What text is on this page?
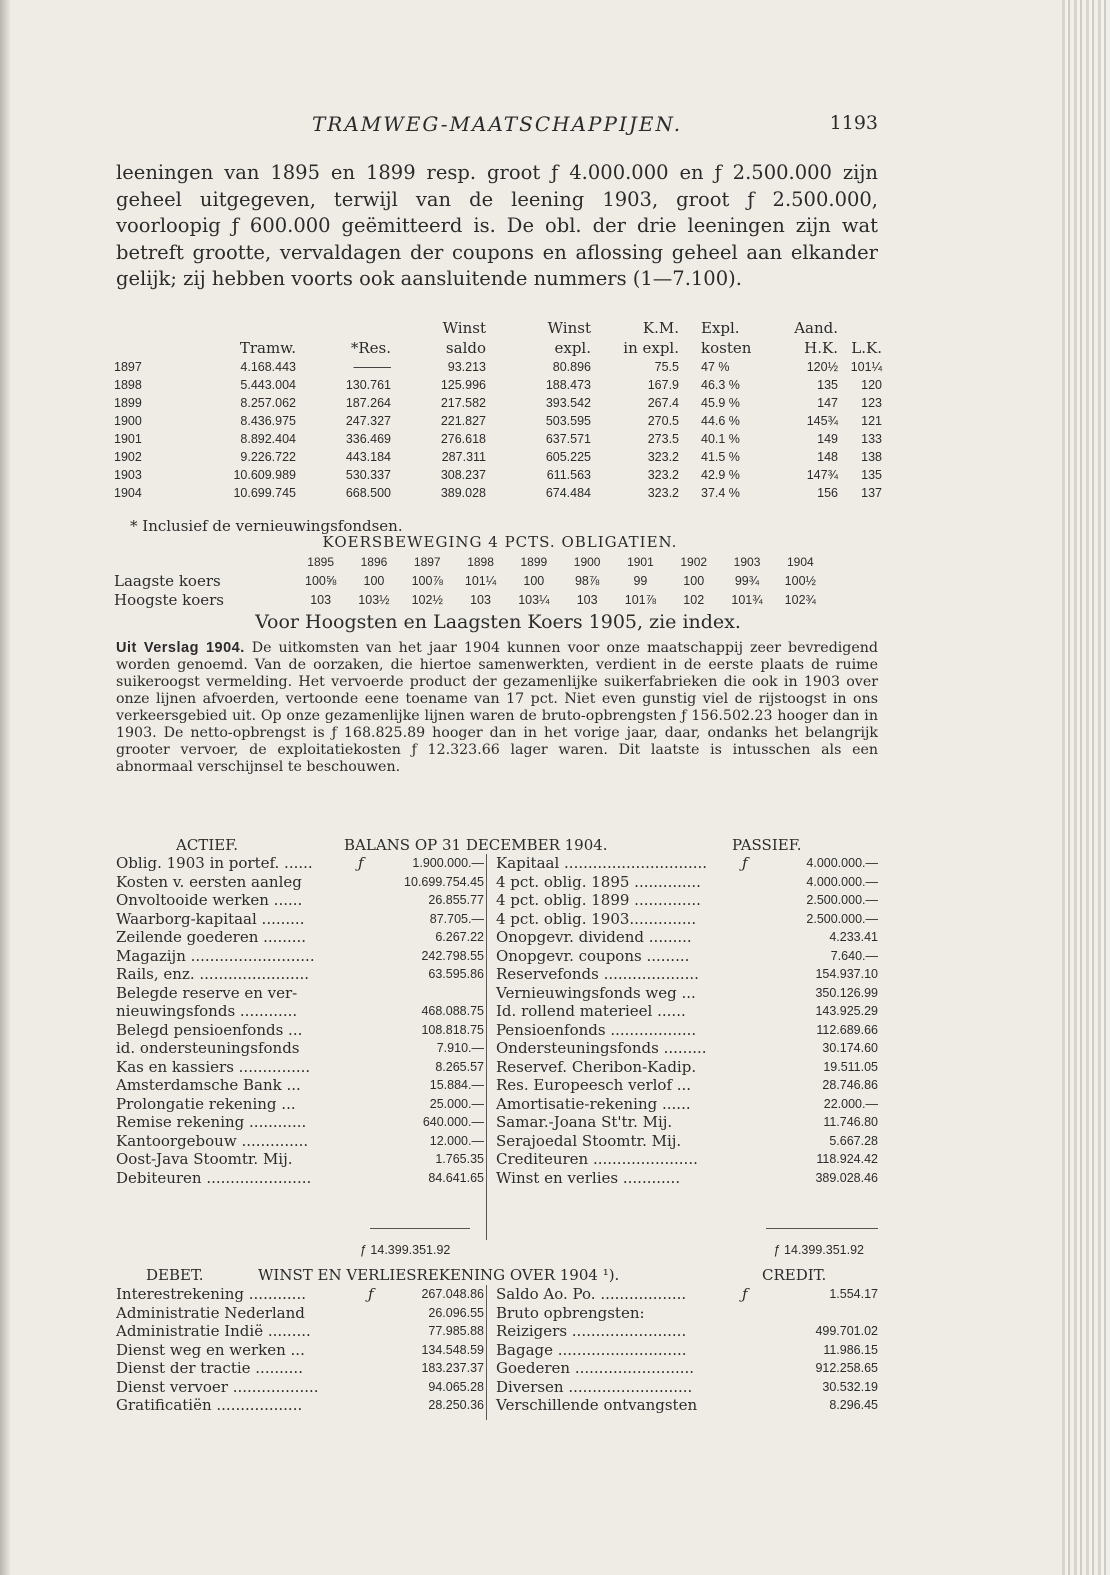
TRAMWEG-MAATSCHAPPIJEN.	1193

leeningen van 1895 en 1899 resp. groot ƒ 4.000.000 en ƒ 2.500.000 zijn geheel uitgegeven, terwijl van de leening 1903, groot ƒ 2.500.000, voorloopig ƒ 600.000 geëmitteerd is. De obl. der drie leeningen zijn wat betreft grootte, vervaldagen der coupons en aflossing geheel aan elkander gelijk; zij hebben voorts ook aansluitende nummers (1—7.100).

Winst	Winst	K.M.	Expl.	Aand.
Tramw.	*Res.	saldo	expl.	in expl.	kosten	H.K. L.K.
1897	4.168.443	———	93.213	80.896	75.5	47 %	120½	101¼
1898	5.443.004	130.761	125.996	188.473	167.9	46.3 %	135	120
1899	8.257.062	187.264	217.582	393.542	267.4	45.9 %	147	123
1900	8.436.975	247.327	221.827	503.595	270.5	44.6 %	145¾	121
1901	8.892.404	336.469	276.618	637.571	273.5	40.1 %	149	133
1902	9.226.722	443.184	287.311	605.225	323.2	41.5 %	148	138
1903	10.609.989	530.337	308.237	611.563	323.2	42.9 %	147¾	135
1904	10.699.745	668.500	389.028	674.484	323.2	37.4 %	156	137
* Inclusief de vernieuwingsfondsen.
KOERSBEWEGING 4 PCTS. OBLIGATIEN.
1895	1896	1897	1898	1899	1900	1901	1902	1903	1904
Laagste koers	100⅝	100	100⅞	101¼	100	98⅞	99	100	99¾	100½
Hoogste koers	103	103½	102½	103	103¼	103	101⅞	102	101¾	102¾
Voor Hoogsten en Laagsten Koers 1905, zie index.

Uit Verslag 1904. De uitkomsten van het jaar 1904 kunnen voor onze maatschappij zeer bevredigend worden genoemd. Van de oorzaken, die hiertoe samenwerkten, verdient in de eerste plaats de ruime suikeroogst vermelding. Het vervoerde product der gezamenlijke suikerfabrieken die ook in 1903 over onze lijnen afvoerden, vertoonde eene toename van 17 pct. Niet even gunstig viel de rijstoogst in ons verkeersgebied uit. Op onze gezamenlijke lijnen waren de bruto-opbrengsten ƒ 156.502.23 hooger dan in 1903. De netto-opbrengst is ƒ 168.825.89 hooger dan in het vorige jaar, daar, ondanks het belangrijk grooter vervoer, de exploitatiekosten ƒ 12.323.66 lager waren. Dit laatste is intusschen als een abnormaal verschijnsel te beschouwen.

ACTIEF.	BALANS OP 31 DECEMBER 1904.	PASSIEF.
Oblig. 1903 in portef. ......	ƒ	1.900.000.—
Kosten v. eersten aanleg	10.699.754.45
Onvoltooide werken ......	26.855.77
Waarborg-kapitaal .........	87.705.—
Zeilende goederen .........	6.267.22
Magazijn ..........................	242.798.55
Rails, enz. .......................	63.595.86
Belegde reserve en ver-
nieuwingsfonds ............	468.088.75
Belegd pensioenfonds ...	108.818.75
id. ondersteuningsfonds	7.910.—
Kas en kassiers ...............	8.265.57
Amsterdamsche Bank ...	15.884.—
Prolongatie rekening ...	25.000.—
Remise rekening ............	640.000.—
Kantoorgebouw ..............	12.000.—
Oost-Java Stoomtr. Mij.	1.765.35
Debiteuren ......................	84.641.65
Kapitaal .............................. ƒ	4.000.000.—
4 pct. oblig. 1895 ..............	4.000.000.—
4 pct. oblig. 1899 ..............	2.500.000.—
4 pct. oblig. 1903..............	2.500.000.—
Onopgevr. dividend .........	4.233.41
Onopgevr. coupons .........	7.640.—
Reservefonds ....................	154.937.10
Vernieuwingsfonds weg ...	350.126.99
Id. rollend materieel ......	143.925.29
Pensioenfonds ..................	112.689.66
Ondersteuningsfonds .........	30.174.60
Reservef. Cheribon-Kadip.	19.511.05
Res. Europeesch verlof ...	28.746.86
Amortisatie-rekening ......	22.000.—
Samar.-Joana St'tr. Mij.	11.746.80
Serajoedal Stoomtr. Mij.	5.667.28
Crediteuren ......................	118.924.42
Winst en verlies ............	389.028.46
ƒ 14.399.351.92	ƒ 14.399.351.92
DEBET.	WINST EN VERLIESREKENING OVER 1904 ¹).	CREDIT.
Interestrekening ............	ƒ	267.048.86
Administratie Nederland	26.096.55
Administratie Indië .........	77.985.88
Dienst weg en werken ...	134.548.59
Dienst der tractie ..........	183.237.37
Dienst vervoer ..................	94.065.28
Gratificatiën ..................	28.250.36
Saldo Ao. Po. ..................	ƒ	1.554.17
Bruto opbrengsten:
Reizigers ........................	499.701.02
Bagage ...........................	11.986.15
Goederen .........................	912.258.65
Diversen ..........................	30.532.19
Verschillende ontvangsten	8.296.45
